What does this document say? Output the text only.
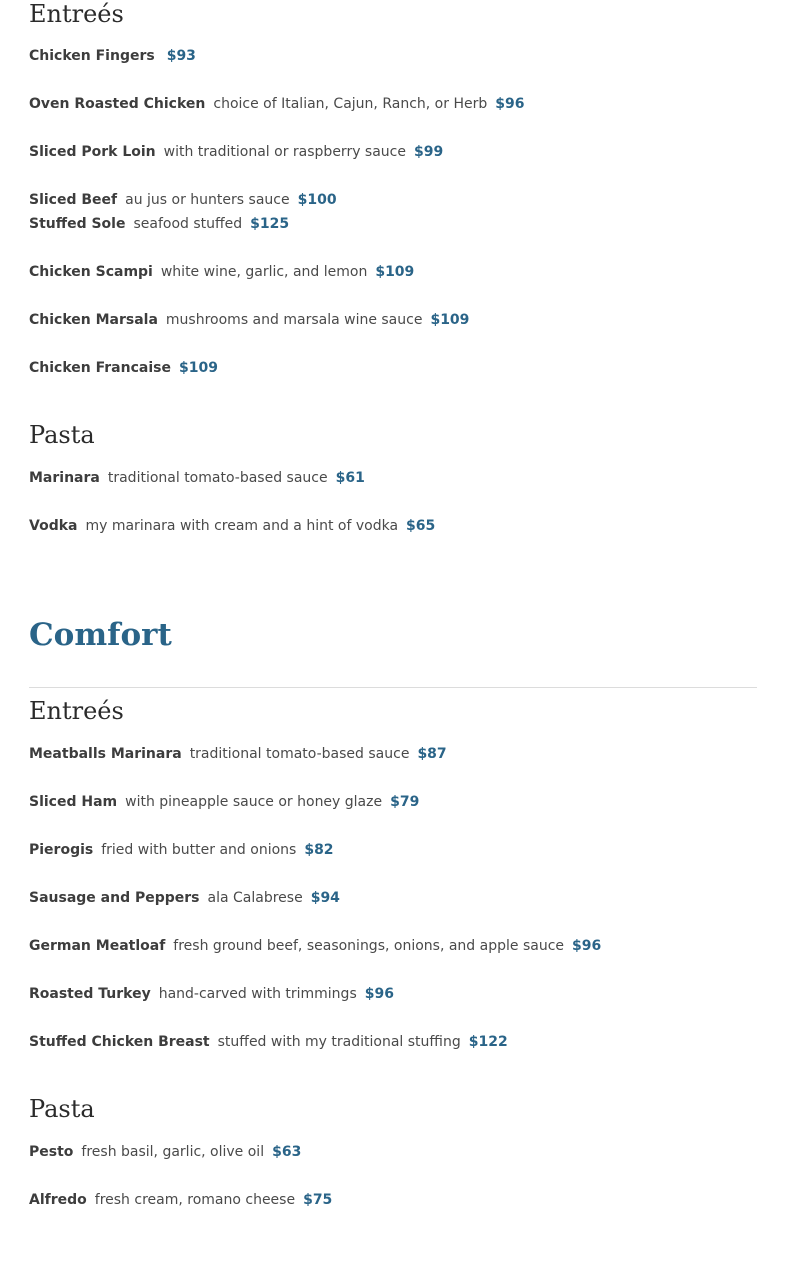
Entreés
Chicken Fingers $93
Oven Roasted Chicken choice of Italian, Cajun, Ranch, or Herb $96
Sliced Pork Loin with traditional or raspberry sauce $99
Sliced Beef au jus or hunters sauce $100
Stuffed Sole seafood stuffed $125
Chicken Scampi white wine, garlic, and lemon $109
Chicken Marsala mushrooms and marsala wine sauce $109
Chicken Francaise $109
Pasta
Marinara traditional tomato-based sauce $61
Vodka my marinara with cream and a hint of vodka $65
Comfort
Entreés
Meatballs Marinara traditional tomato-based sauce $87
Sliced Ham with pineapple sauce or honey glaze $79
Pierogis fried with butter and onions $82
Sausage and Peppers ala Calabrese $94
German Meatloaf fresh ground beef, seasonings, onions, and apple sauce $96
Roasted Turkey hand-carved with trimmings $96
Stuffed Chicken Breast stuffed with my traditional stuffing $122
Pasta
Pesto fresh basil, garlic, olive oil $63
Alfredo fresh cream, romano cheese $75
